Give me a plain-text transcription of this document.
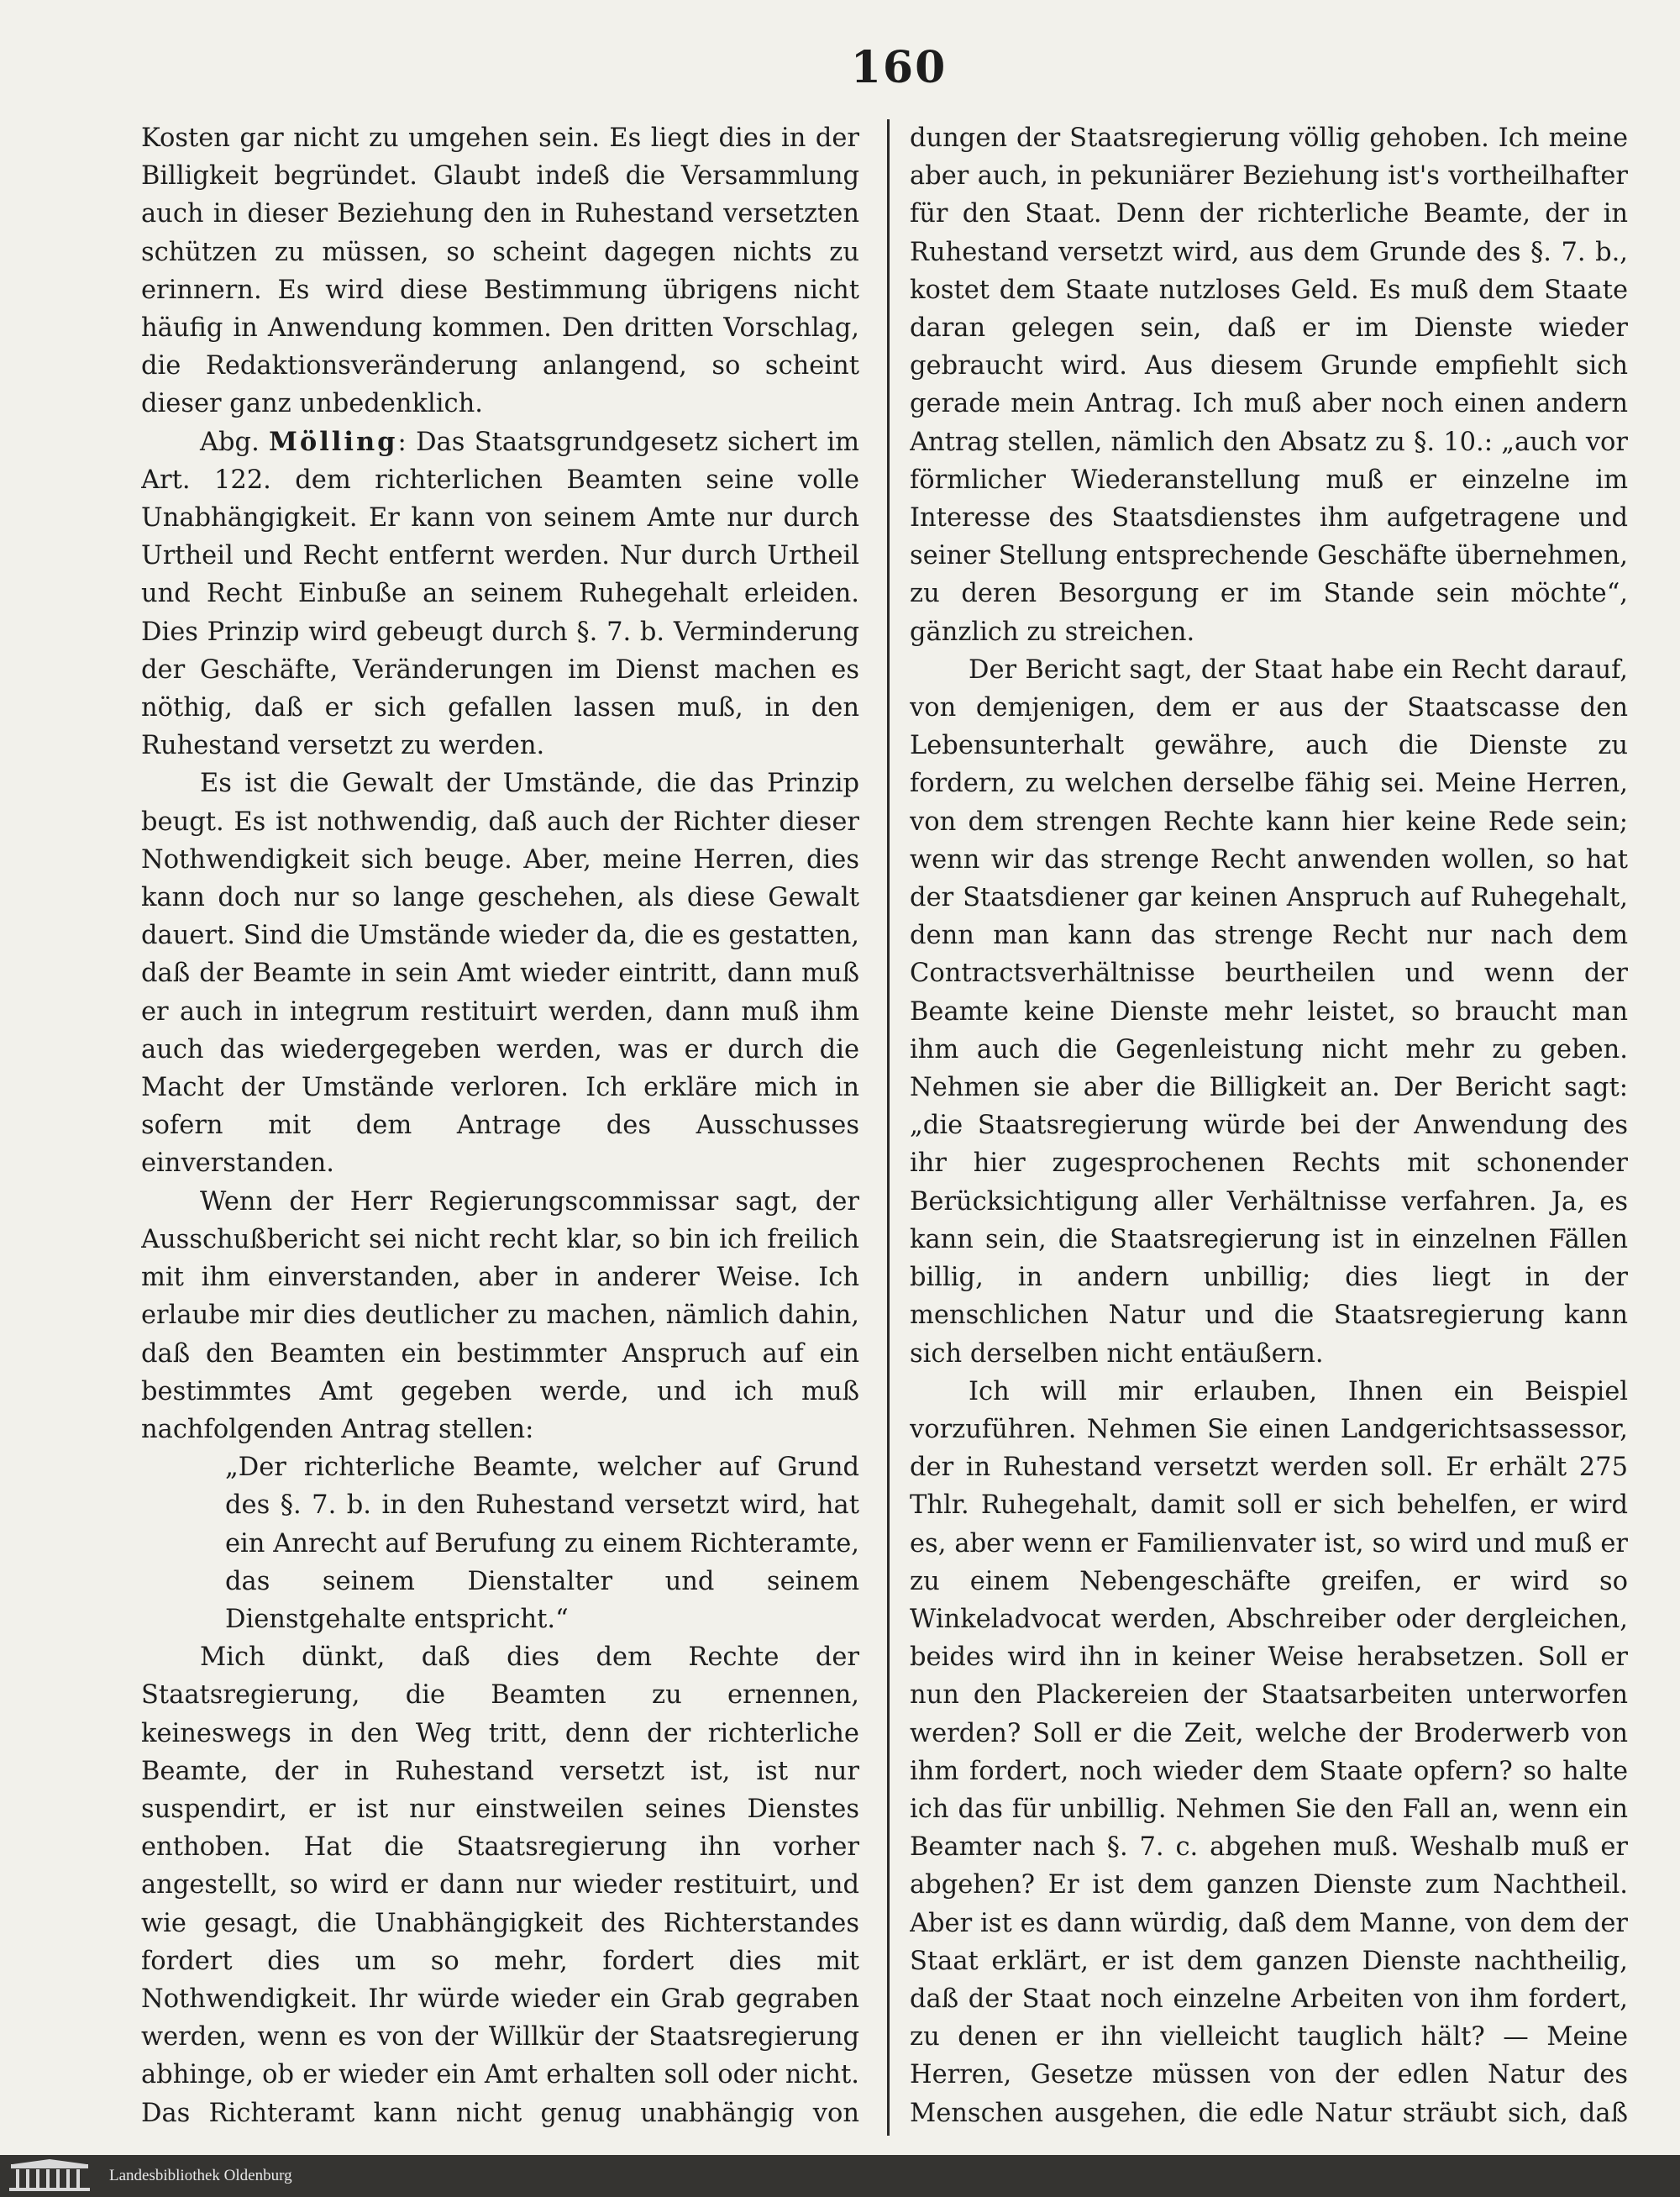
160

Kosten gar nicht zu umgehen sein. Es liegt dies in der Billigkeit begründet. Glaubt indeß die Versammlung auch in dieser Beziehung den in Ruhestand versetzten schützen zu müssen, so scheint dagegen nichts zu erinnern. Es wird diese Bestimmung übrigens nicht häufig in Anwendung kommen. Den dritten Vorschlag, die Redaktionsveränderung anlangend, so scheint dieser ganz unbedenklich.

Abg. Mölling: Das Staatsgrundgesetz sichert im Art. 122. dem richterlichen Beamten seine volle Unabhängigkeit. Er kann von seinem Amte nur durch Urtheil und Recht entfernt werden. Nur durch Urtheil und Recht Einbuße an seinem Ruhegehalt erleiden. Dies Prinzip wird gebeugt durch §. 7. b. Verminderung der Geschäfte, Veränderungen im Dienst machen es nöthig, daß er sich gefallen lassen muß, in den Ruhestand versetzt zu werden.

Es ist die Gewalt der Umstände, die das Prinzip beugt. Es ist nothwendig, daß auch der Richter dieser Nothwendigkeit sich beuge. Aber, meine Herren, dies kann doch nur so lange geschehen, als diese Gewalt dauert. Sind die Umstände wieder da, die es gestatten, daß der Beamte in sein Amt wieder eintritt, dann muß er auch in integrum restituirt werden, dann muß ihm auch das wiedergegeben werden, was er durch die Macht der Umstände verloren. Ich erkläre mich in sofern mit dem Antrage des Ausschusses einverstanden.

Wenn der Herr Regierungscommissar sagt, der Ausschußbericht sei nicht recht klar, so bin ich freilich mit ihm einverstanden, aber in anderer Weise. Ich erlaube mir dies deutlicher zu machen, nämlich dahin, daß den Beamten ein bestimmter Anspruch auf ein bestimmtes Amt gegeben werde, und ich muß nachfolgenden Antrag stellen:

„Der richterliche Beamte, welcher auf Grund des §. 7. b. in den Ruhestand versetzt wird, hat ein Anrecht auf Berufung zu einem Richteramte, das seinem Dienstalter und seinem Dienstgehalte entspricht.“

Mich dünkt, daß dies dem Rechte der Staatsregierung, die Beamten zu ernennen, keineswegs in den Weg tritt, denn der richterliche Beamte, der in Ruhestand versetzt ist, ist nur suspendirt, er ist nur einstweilen seines Dienstes enthoben. Hat die Staatsregierung ihn vorher angestellt, so wird er dann nur wieder restituirt, und wie gesagt, die Unabhängigkeit des Richterstandes fordert dies um so mehr, fordert dies mit Nothwendigkeit. Ihr würde wieder ein Grab gegraben werden, wenn es von der Willkür der Staatsregierung abhinge, ob er wieder ein Amt erhalten soll oder nicht. Das Richteramt kann nicht genug unabhängig von

dungen der Staatsregierung völlig gehoben. Ich meine aber auch, in pekuniärer Beziehung ist's vortheilhafter für den Staat. Denn der richterliche Beamte, der in Ruhestand versetzt wird, aus dem Grunde des §. 7. b., kostet dem Staate nutzloses Geld. Es muß dem Staate daran gelegen sein, daß er im Dienste wieder gebraucht wird. Aus diesem Grunde empfiehlt sich gerade mein Antrag. Ich muß aber noch einen andern Antrag stellen, nämlich den Absatz zu §. 10.: „auch vor förmlicher Wiederanstellung muß er einzelne im Interesse des Staatsdienstes ihm aufgetragene und seiner Stellung entsprechende Geschäfte übernehmen, zu deren Besorgung er im Stande sein möchte“, gänzlich zu streichen.

Der Bericht sagt, der Staat habe ein Recht darauf, von demjenigen, dem er aus der Staatscasse den Lebensunterhalt gewähre, auch die Dienste zu fordern, zu welchen derselbe fähig sei. Meine Herren, von dem strengen Rechte kann hier keine Rede sein; wenn wir das strenge Recht anwenden wollen, so hat der Staatsdiener gar keinen Anspruch auf Ruhegehalt, denn man kann das strenge Recht nur nach dem Contractsverhältnisse beurtheilen und wenn der Beamte keine Dienste mehr leistet, so braucht man ihm auch die Gegenleistung nicht mehr zu geben. Nehmen sie aber die Billigkeit an. Der Bericht sagt: „die Staatsregierung würde bei der Anwendung des ihr hier zugesprochenen Rechts mit schonender Berücksichtigung aller Verhältnisse verfahren. Ja, es kann sein, die Staatsregierung ist in einzelnen Fällen billig, in andern unbillig; dies liegt in der menschlichen Natur und die Staatsregierung kann sich derselben nicht entäußern.

Ich will mir erlauben, Ihnen ein Beispiel vorzuführen. Nehmen Sie einen Landgerichtsassessor, der in Ruhestand versetzt werden soll. Er erhält 275 Thlr. Ruhegehalt, damit soll er sich behelfen, er wird es, aber wenn er Familienvater ist, so wird und muß er zu einem Nebengeschäfte greifen, er wird so Winkeladvocat werden, Abschreiber oder dergleichen, beides wird ihn in keiner Weise herabsetzen. Soll er nun den Plackereien der Staatsarbeiten unterworfen werden? Soll er die Zeit, welche der Broderwerb von ihm fordert, noch wieder dem Staate opfern? so halte ich das für unbillig. Nehmen Sie den Fall an, wenn ein Beamter nach §. 7. c. abgehen muß. Weshalb muß er abgehen? Er ist dem ganzen Dienste zum Nachtheil. Aber ist es dann würdig, daß dem Manne, von dem der Staat erklärt, er ist dem ganzen Dienste nachtheilig, daß der Staat noch einzelne Arbeiten von ihm fordert, zu denen er ihn vielleicht tauglich hält? — Meine Herren, Gesetze müssen von der edlen Natur des Menschen ausgehen, die edle Natur sträubt sich, daß

Landesbibliothek Oldenburg
